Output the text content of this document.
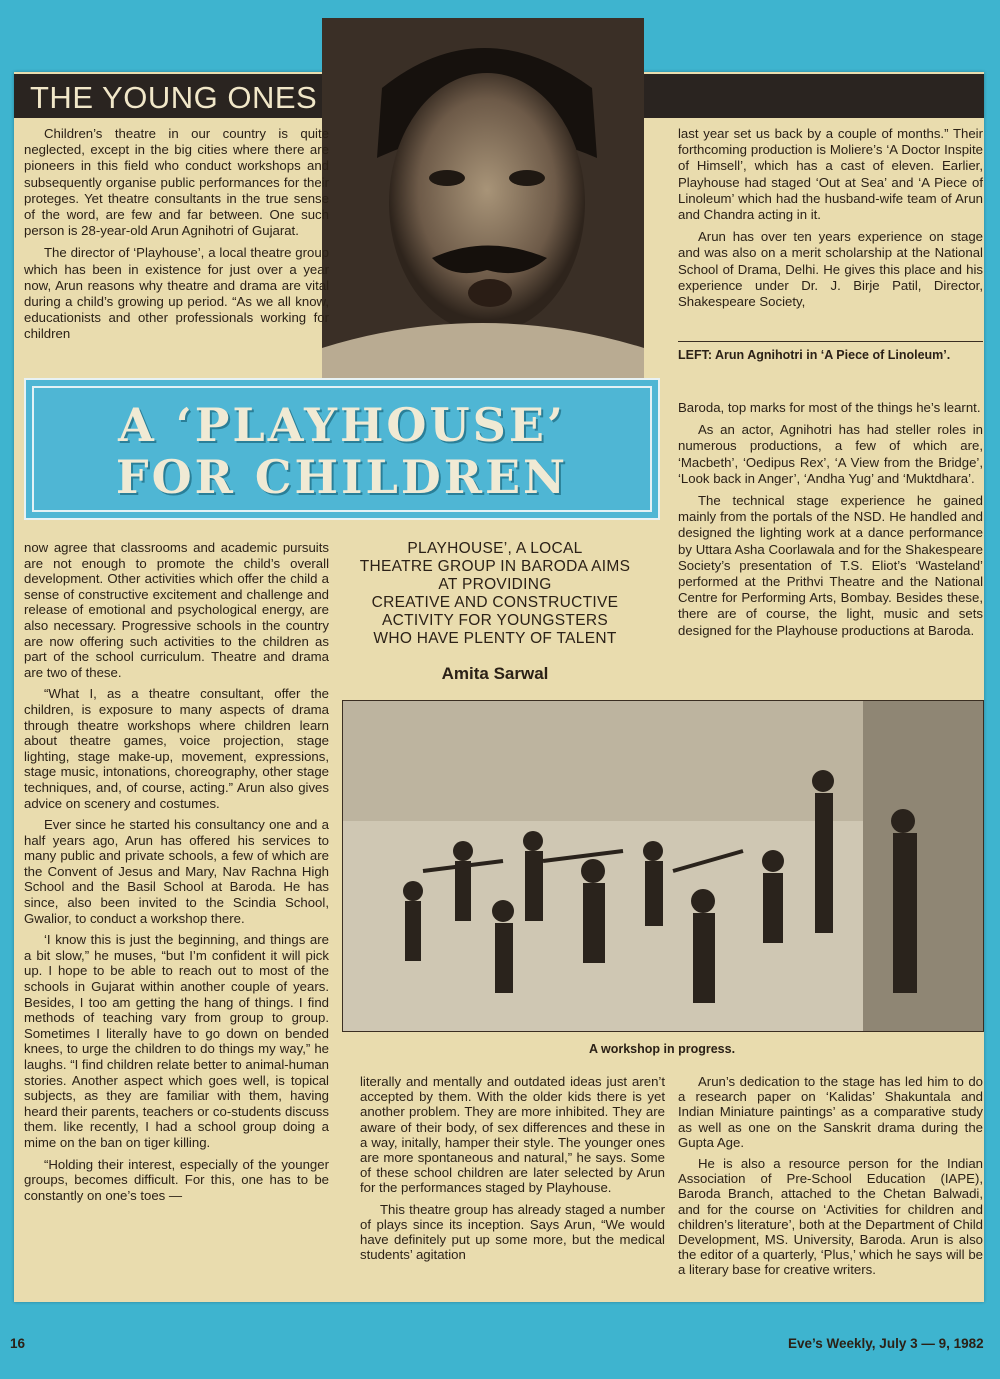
THE YOUNG ONES

Children’s theatre in our country is quite neglected, except in the big cities where there are pioneers in this field who conduct workshops and subsequently organise public performances for their proteges. Yet theatre consultants in the true sense of the word, are few and far between. One such person is 28-year-old Arun Agnihotri of Gujarat.

The director of ‘Playhouse’, a local theatre group which has been in existence for just over a year now, Arun reasons why theatre and drama are vital during a child’s growing up period. “As we all know, educationists and other professionals working for children

last year set us back by a couple of months.” Their forthcoming production is Moliere’s ‘A Doctor Inspite of Himsell’, which has a cast of eleven. Earlier, Playhouse had staged ‘Out at Sea’ and ‘A Piece of Linoleum’ which had the husband-wife team of Arun and Chandra acting in it.

Arun has over ten years experience on stage and was also on a merit scholarship at the National School of Drama, Delhi. He gives this place and his experience under Dr. J. Birje Patil, Director, Shakespeare Society,

LEFT: Arun Agnihotri in ‘A Piece of Linoleum’.
A ‘PLAYHOUSE’
FOR CHILDREN

Baroda, top marks for most of the things he’s learnt.

As an actor, Agnihotri has had steller roles in numerous productions, a few of which are, ‘Macbeth’, ‘Oedipus Rex’, ‘A View from the Bridge’, ‘Look back in Anger’, ‘Andha Yug’ and ‘Muktdhara’.

The technical stage experience he gained mainly from the portals of the NSD. He handled and designed the lighting work at a dance performance by Uttara Asha Coorlawala and for the Shakespeare Society’s presentation of T.S. Eliot’s ‘Wasteland’ performed at the Prithvi Theatre and the National Centre for Performing Arts, Bombay. Besides these, there are of course, the light, music and sets designed for the Playhouse productions at Baroda.

PLAYHOUSE’, A LOCAL
THEATRE GROUP IN BARODA AIMS
AT PROVIDING
CREATIVE AND CONSTRUCTIVE
ACTIVITY FOR YOUNGSTERS
WHO HAVE PLENTY OF TALENT
Amita Sarwal

now agree that classrooms and academic pursuits are not enough to promote the child’s overall development. Other activities which offer the child a sense of constructive excitement and challenge and release of emotional and psychological energy, are also necessary. Progressive schools in the country are now offering such activities to the children as part of the school curriculum. Theatre and drama are two of these.

“What I, as a theatre consultant, offer the children, is exposure to many aspects of drama through theatre workshops where children learn about theatre games, voice projection, stage lighting, stage make-up, movement, expressions, stage music, intonations, choreography, other stage techniques, and, of course, acting.” Arun also gives advice on scenery and costumes.

Ever since he started his consultancy one and a half years ago, Arun has offered his services to many public and private schools, a few of which are the Convent of Jesus and Mary, Nav Rachna High School and the Basil School at Baroda. He has since, also been invited to the Scindia School, Gwalior, to conduct a workshop there.

‘I know this is just the beginning, and things are a bit slow,” he muses, “but I’m confident it will pick up. I hope to be able to reach out to most of the schools in Gujarat within another couple of years. Besides, I too am getting the hang of things. I find methods of teaching vary from group to group. Sometimes I literally have to go down on bended knees, to urge the children to do things my way,” he laughs. “I find children relate better to animal-human stories. Another aspect which goes well, is topical subjects, as they are familiar with them, having heard their parents, teachers or co-students discuss them. like recently, I had a school group doing a mime on the ban on tiger killing.

“Holding their interest, especially of the younger groups, becomes difficult. For this, one has to be constantly on one’s toes —

A workshop in progress.

literally and mentally and outdated ideas just aren’t accepted by them. With the older kids there is yet another problem. They are more inhibited. They are aware of their body, of sex differences and these in a way, initally, hamper their style. The younger ones are more spontaneous and natural,” he says. Some of these school children are later selected by Arun for the performances staged by Playhouse.

This theatre group has already staged a number of plays since its inception. Says Arun, “We would have definitely put up some more, but the medical students’ agitation

Arun’s dedication to the stage has led him to do a research paper on ‘Kalidas’ Shakuntala and Indian Miniature paintings’ as a comparative study as well as one on the Sanskrit drama during the Gupta Age.

He is also a resource person for the Indian Association of Pre-School Education (IAPE), Baroda Branch, attached to the Chetan Balwadi, and for the course on ‘Activities for children and children’s literature’, both at the Department of Child Development, MS. University, Baroda. Arun is also the editor of a quarterly, ‘Plus,’ which he says will be a literary base for creative writers.

16	Eve’s Weekly, July 3 — 9, 1982
